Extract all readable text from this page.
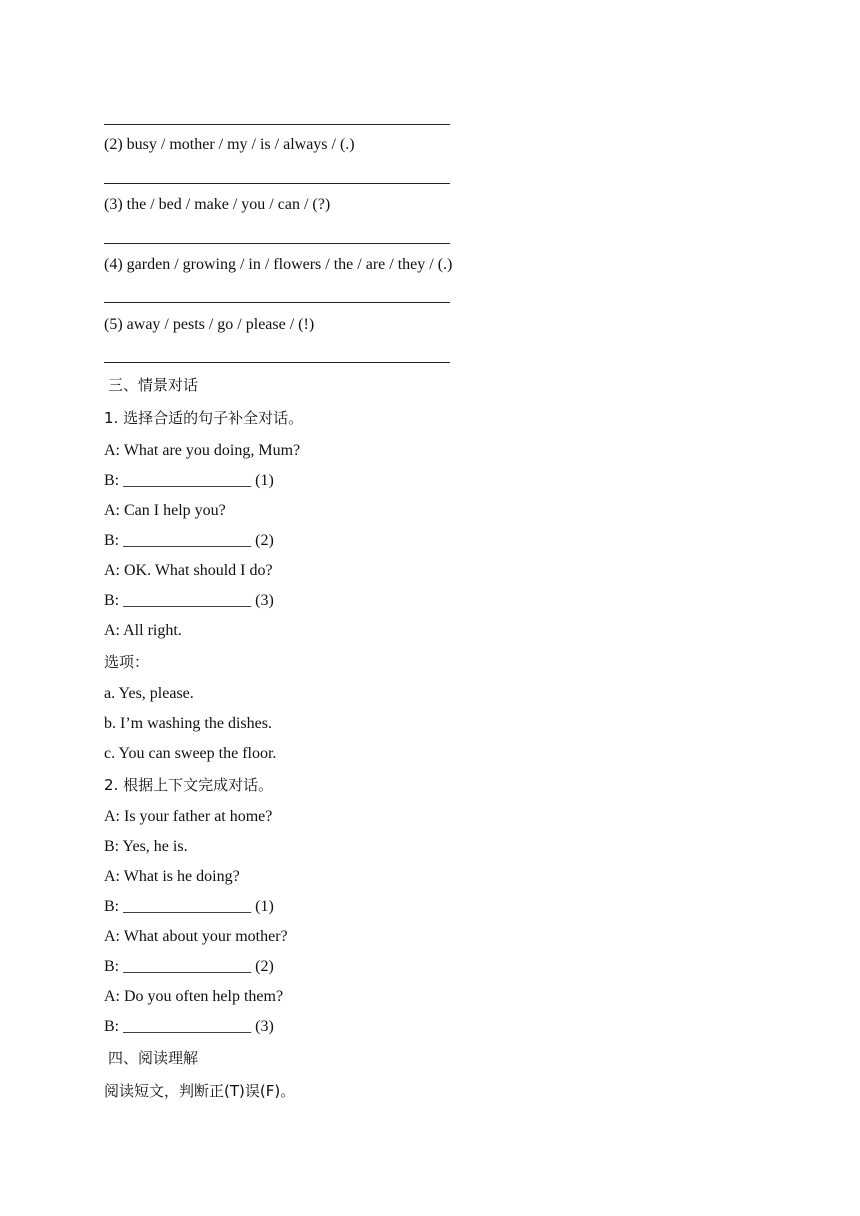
(2) busy / mother / my / is / always / (.)
(3) the / bed / make / you / can / (?)
(4) garden / growing / in / flowers / the / are / they / (.)
(5) away / pests / go / please / (!)
三、情景对话
1. 选择合适的句子补全对话。
A: What are you doing, Mum?
B: ________________ (1)
A: Can I help you?
B: ________________ (2)
A: OK. What should I do?
B: ________________ (3)
A: All right.
选项：
a. Yes, please.
b. I’m washing the dishes.
c. You can sweep the floor.
2. 根据上下文完成对话。
A: Is your father at home?
B: Yes, he is.
A: What is he doing?
B: ________________ (1)
A: What about your mother?
B: ________________ (2)
A: Do you often help them?
B: ________________ (3)
四、阅读理解
阅读短文，判断正(T)误(F)。
